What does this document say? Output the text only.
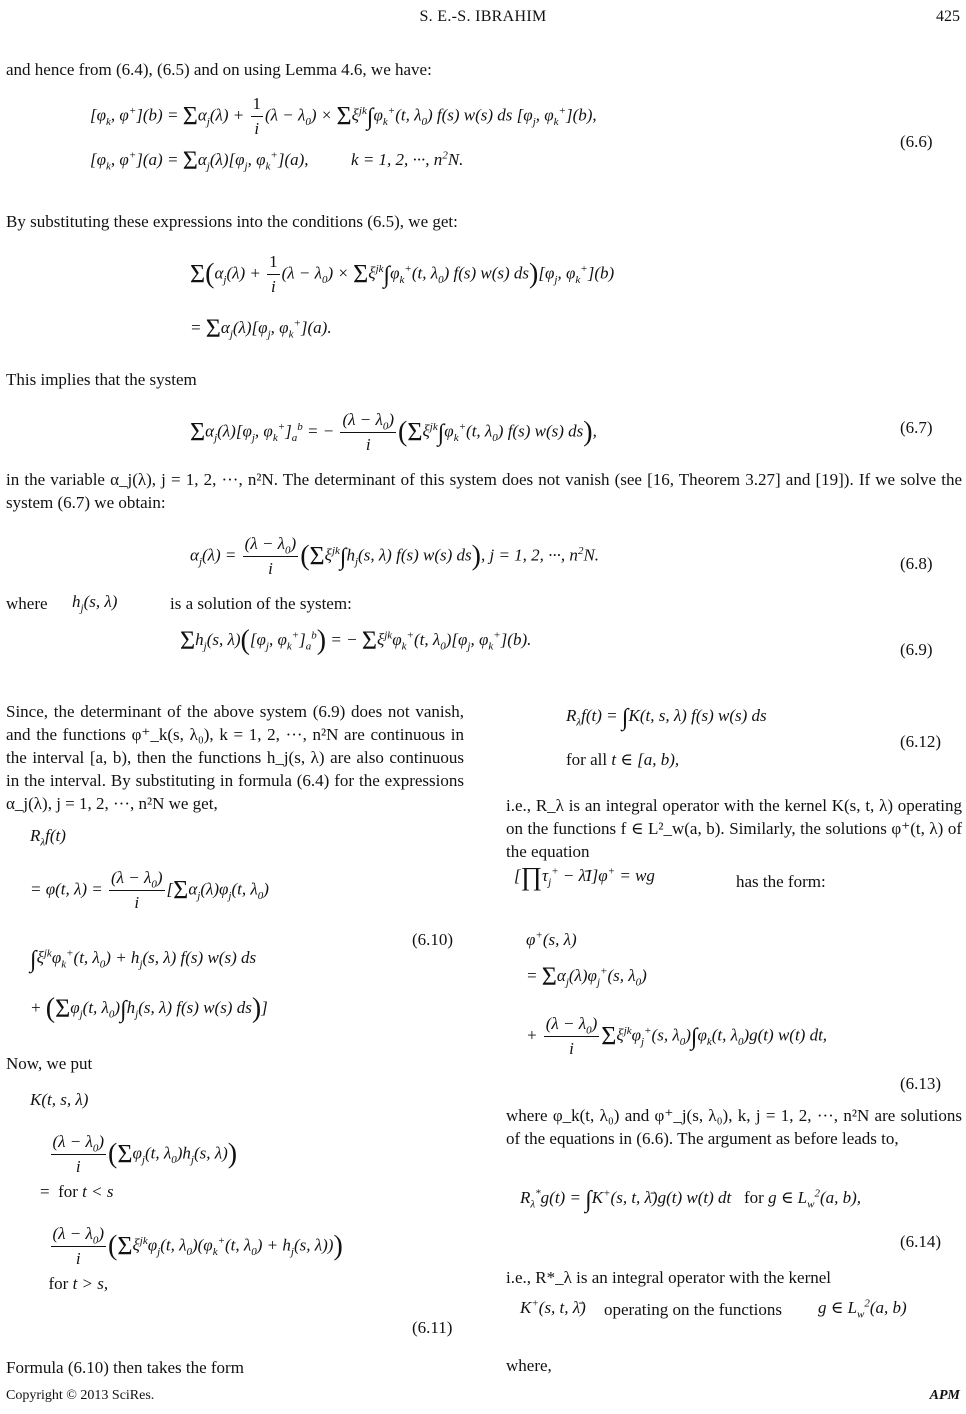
S. E.-S. IBRAHIM	425
and hence from (6.4), (6.5) and on using Lemma 4.6, we have:
[$\varphi_k$, $\varphi^+](b) = \Sigma\alpha_j(\lambda) + \frac{1}{i} (\lambda - \lambda_0) \times \Sigma\xi^{jk}\int\varphi_k^+(t$, $\lambda_0$) f(s) w(s) ds [$\varphi_j$, $\varphi_k^+](b)$,
[$\varphi_k$, $\varphi^+](a) = \Sigma\alpha_j(\lambda)[\varphi_j$, $\varphi_k^+](a)$,          k = 1, 2, ···, $n^2N$.
(6.6)
By substituting these expressions into the conditions (6.5), we get:
$\Sigma(\alpha_j(\lambda) + \frac{1}{i} (\lambda - \lambda_0) \times \Sigma\xi^{jk}\int\varphi_k^+(t$, $\lambda_0$) f(s) w(s) $ds)[\varphi_j$, $\varphi_k^+](b)$
= $\Sigma\alpha_j(\lambda)[\varphi_j$, $\varphi_k^+](a)$.
This implies that the system
$\Sigma\alpha_j(\lambda)[\varphi_j$, $\varphi_k^+]_a^b$ = − $\frac{(\lambda - \lambda_0)}{i} (\Sigma\xi^{jk}\int\varphi_k^+(t$, $\lambda_0$) f(s) w(s) ds),	(6.7)
in the variable α_j(λ), j = 1, 2, ···, n²N. The determinant of this system does not vanish (see [16, Theorem 3.27] and [19]). If we solve the system (6.7) we obtain:
$\alpha_j(\lambda) = \frac{(\lambda - \lambda_0)}{i} (\Sigma\xi^{jk}\int h_j(s$, λ) f(s) w(s) ds), j = 1, 2, ···, $n^2N$.	(6.8)
where	$h_j(s$, λ)	is a solution of the system:
$\Sigma h_j(s$, $\lambda)([\varphi_j$, $\varphi_k^+]_a^b$) = − $\Sigma\xi^{jk}\varphi_k^+(t$, $\lambda_0)[\varphi_j$, $\varphi_k^+](b)$.
(6.9)
Since, the determinant of the above system (6.9) does not vanish, and the functions φ⁺_k(s, λ₀), k = 1, 2, ···, n²N are continuous in the interval [a, b), then the functions h_j(s, λ) are also continuous in the interval. By substituting in formula (6.4) for the expressions α_j(λ), j = 1, 2, ···, n²N we get,
$R_\lambda f(t)$
= φ(t, $\lambda) = \frac{(\lambda - \lambda_0)}{i} [\Sigma\alpha_j(\lambda)\varphi_j(t$, $\lambda_0$)
$\int\xi^{jk}\varphi_k^+(t$, $\lambda_0) + h_j(s$, λ) f(s) w(s) ds
+ ($\Sigma\varphi_j(t$, $\lambda_0)\int h_j(s$, λ) f(s) w(s) ds)]
(6.10)
Now, we put
K(t, s, λ)

$\frac{(\lambda - \lambda_0)}{i} (\Sigma\varphi_j(t$, $\lambda_0)h_j(s$, λ))
= for t < s

$\frac{(\lambda - \lambda_0)}{i} (\Sigma\xi^{jk}\varphi_j(t$, $\lambda_0)(\varphi_k^+(t$, $\lambda_0) + h_j(s$, λ)))
for t > s,
(6.11)
Formula (6.10) then takes the form
$R_\lambda f(t) = \int K(t$, s, λ) f(s) w(s) ds
for all t ∈ [a, b),
(6.12)
i.e., R_λ is an integral operator with the kernel K(s, t, λ) operating on the functions f ∈ L²_w(a, b). Similarly, the solutions φ⁺(t, λ) of the equation
[$\prod\tau_j^+$ − λ̄I]φ+ = wg	has the form:
φ+(s, λ)
= $\Sigma\alpha_j(\lambda)\varphi_j^+(s$, $\lambda_0$)
+ $\frac{(\lambda - \lambda_0)}{i} \Sigma\xi^{jk}\varphi_j^+(s$, $\lambda_0)\int\varphi_k(t$, $\lambda_0)g(t)$ w(t) dt,
(6.13)
where φ_k(t, λ₀) and φ⁺_j(s, λ₀), k, j = 1, 2, ···, n²N are solutions of the equations in (6.6). The argument as before leads to,
$R_\lambda^*g(t) = \int K^+(s$, t, λ̄)g(t) w(t) dt   for g ∈ $L_w^2(a$, b),
(6.14)
i.e., R*_λ is an integral operator with the kernel
K+(s, t, λ̄) operating on the functions	g ∈ $L_w^2(a$, b)
where,
Copyright © 2013 SciRes.	APM
